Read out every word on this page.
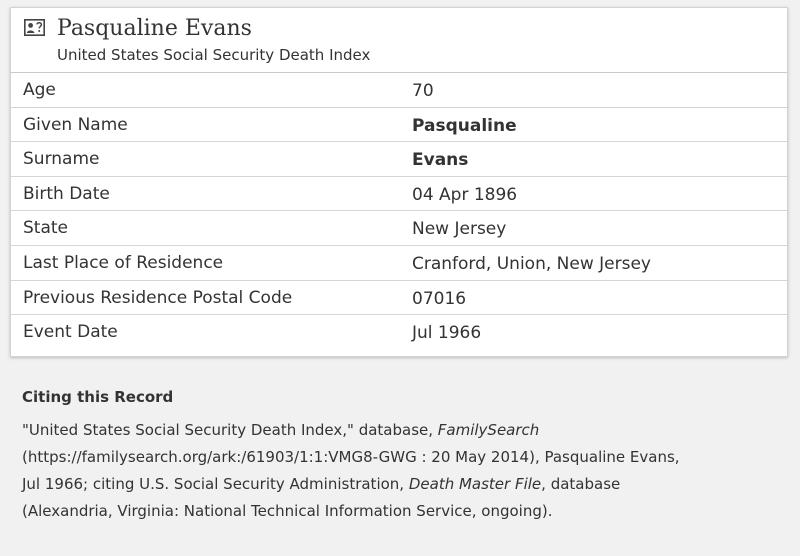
Pasqualine Evans
United States Social Security Death Index
Age	70
Given Name	Pasqualine
Surname	Evans
Birth Date	04 Apr 1896
State	New Jersey
Last Place of Residence	Cranford, Union, New Jersey
Previous Residence Postal Code	07016
Event Date	Jul 1966
Citing this Record
"United States Social Security Death Index," database, FamilySearch
(https://familysearch.org/ark:/61903/1:1:VMG8-GWG : 20 May 2014), Pasqualine Evans,
Jul 1966; citing U.S. Social Security Administration, Death Master File, database
(Alexandria, Virginia: National Technical Information Service, ongoing).
